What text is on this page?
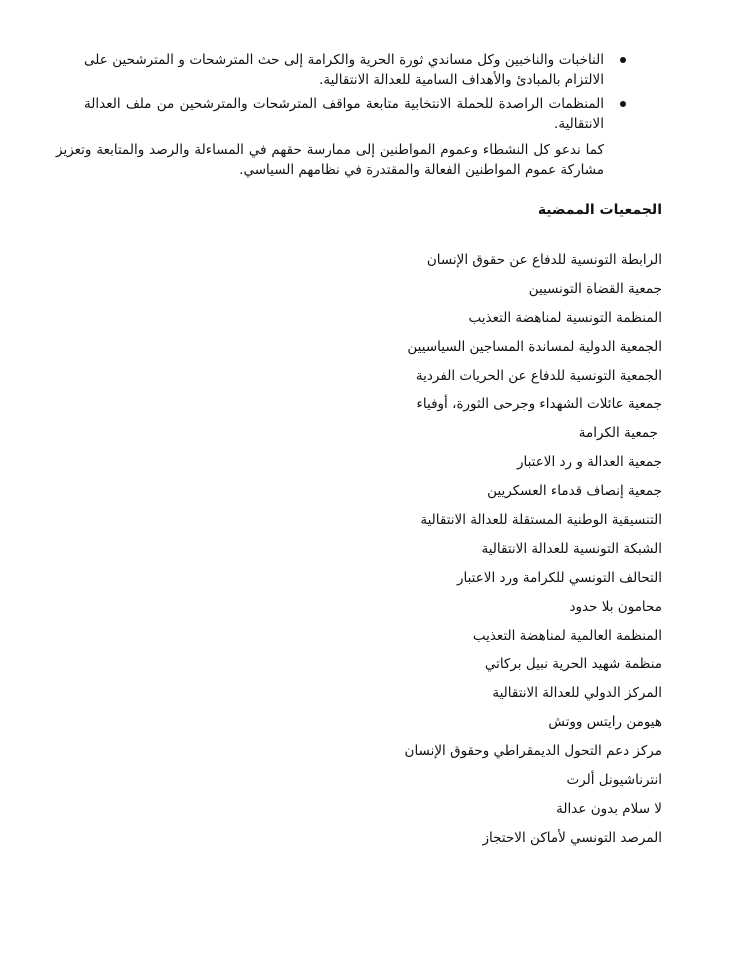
الناخبات والناخبين وكل مساندي ثورة الحرية والكرامة إلى حث المترشحات و المترشحين على الالتزام بالمبادئ والأهداف السامية للعدالة الانتقالية.
المنظمات الراصدة للحملة الانتخابية متابعة مواقف المترشحات والمترشحين من ملف العدالة الانتقالية.

كما ندعو كل النشطاء وعموم المواطنين إلى ممارسة حقهم في المساءلة والرصد والمتابعة وتعزيز مشاركة عموم المواطنين الفعالة والمقتدرة في نظامهم السياسي.

الجمعيات الممضية
الرابطة التونسية للدفاع عن حقوق الإنسان
جمعية القضاة التونسيين
المنظمة التونسية لمناهضة التعذيب
الجمعية الدولية لمساندة المساجين السياسيين
الجمعية التونسية للدفاع عن الحريات الفردية
جمعية عائلات الشهداء وجرحى الثورة، أوفياء
جمعية الكرامة
جمعية العدالة و رد الاعتبار
جمعية إنصاف قدماء العسكريين
التنسيقية الوطنية المستقلة للعدالة الانتقالية
الشبكة التونسية للعدالة الانتقالية
التحالف التونسي للكرامة ورد الاعتبار
محامون بلا حدود
المنظمة العالمية لمناهضة التعذيب
منظمة شهيد الحرية نبيل بركاتي
المركز الدولي للعدالة الانتقالية
هيومن رايتس ووتش
مركز دعم التحول الديمقراطي وحقوق الإنسان
انترناشيونل ألرت
لا سلام بدون عدالة
المرصد التونسي لأماكن الاحتجاز
